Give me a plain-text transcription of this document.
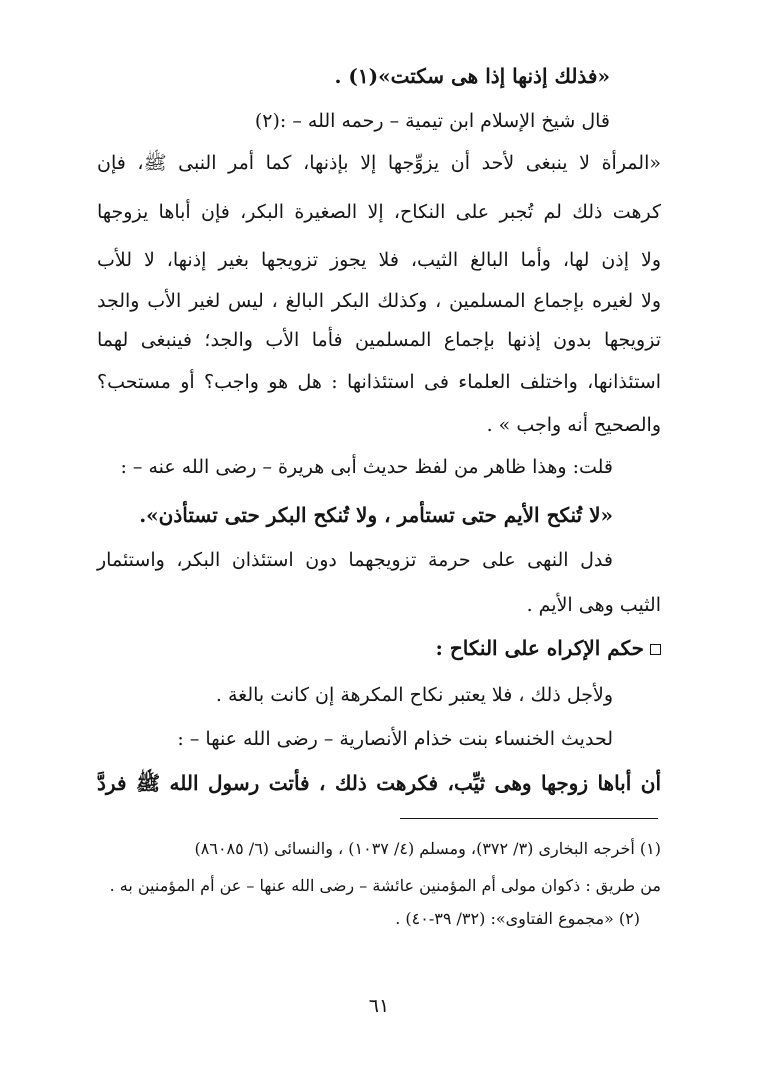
«فذلك إذنها إذا هى سكتت»(١) .
قال شيخ الإسلام ابن تيمية – رحمه الله – :(٢)
«المرأة لا ينبغى لأحد أن يزوِّجها إلا بإذنها، كما أمر النبى ﷺ، فإن
كرهت ذلك لم تُجبر على النكاح، إلا الصغيرة البكر، فإن أباها يزوجها
ولا إذن لها، وأما البالغ الثيب، فلا يجوز تزويجها بغير إذنها، لا للأب
ولا لغيره بإجماع المسلمين ، وكذلك البكر البالغ ، ليس لغير الأب والجد
تزويجها بدون إذنها بإجماع المسلمين فأما الأب والجد؛ فينبغى لهما
استئذانها، واختلف العلماء فى استئذانها : هل هو واجب؟ أو مستحب؟
والصحيح أنه واجب » .
قلت: وهذا ظاهر من لفظ حديث أبى هريرة – رضى الله عنه – :
«لا تُنكح الأيم حتى تستأمر ، ولا تُنكح البكر حتى تستأذن».
فدل النهى على حرمة تزويجهما دون استئذان البكر، واستئمار
الثيب وهى الأيم .
حكم الإكراه على النكاح :
ولأجل ذلك ، فلا يعتبر نكاح المكرهة إن كانت بالغة .
لحديث الخنساء بنت خذام الأنصارية – رضى الله عنها – :
أن أباها زوجها وهى ثيِّب، فكرهت ذلك ، فأتت رسول الله ﷺ فردَّ
(١) أخرجه البخارى (٣/ ٣٧٢)، ومسلم (٤/ ١٠٣٧) ، والنسائى (٦/ ٨٦٠٨٥)
من طريق : ذكوان مولى أم المؤمنين عائشة – رضى الله عنها – عن أم المؤمنين به .
(٢) «مجموع الفتاوى»: (٣٢/ ٣٩-٤٠) .
٦١
